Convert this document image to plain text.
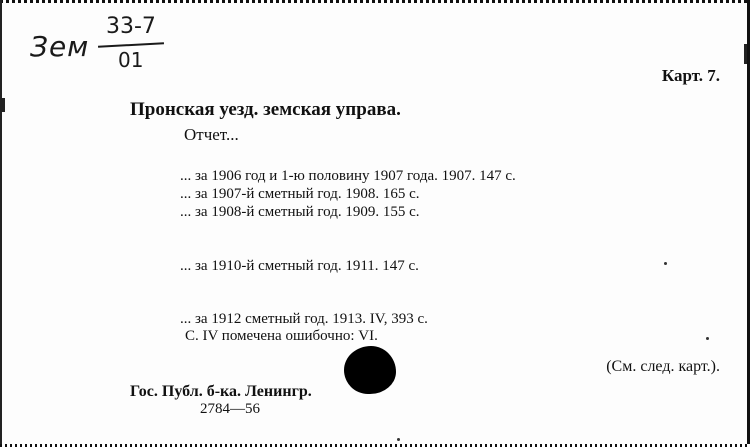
Зем
33-7
01
Карт. 7.
Пронская уезд. земская управа.
Отчет...
... за 1906 год и 1-ю половину 1907 года. 1907. 147 с.
... за 1907-й сметный год. 1908. 165 с.
... за 1908-й сметный год. 1909. 155 с.
... за 1910-й сметный год. 1911. 147 с.
... за 1912 сметный год. 1913. IV, 393 с.
С. IV помечена ошибочно: VI.
(См. след. карт.).
Гос. Публ. б-ка. Ленингр.
2784—56
